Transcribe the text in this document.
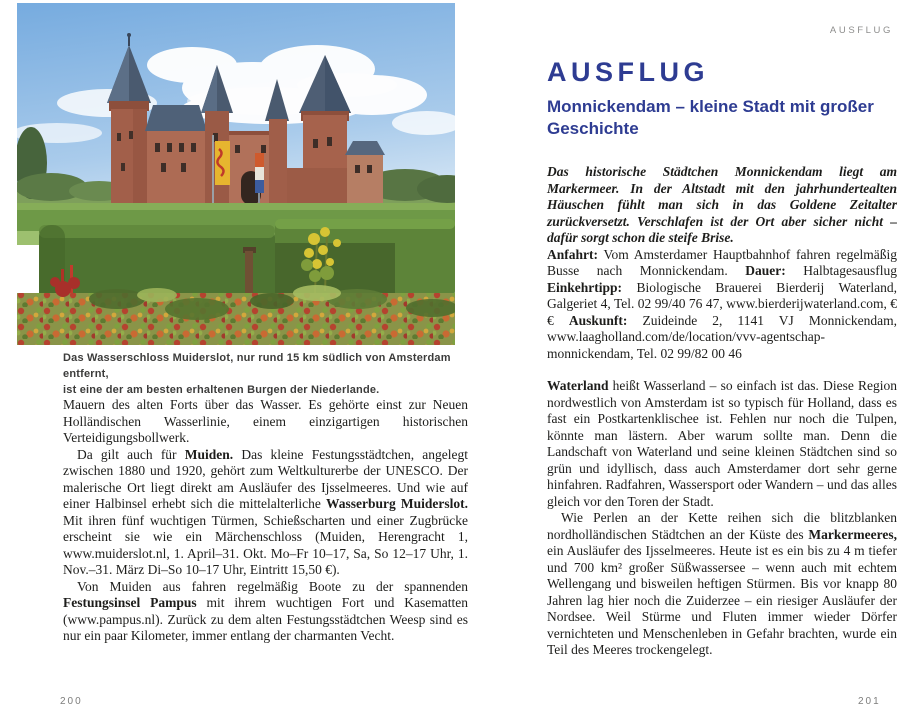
Das Wasserschloss Muiderslot, nur rund 15 km südlich von Amsterdam entfernt,
ist eine der am besten erhaltenen Burgen der Niederlande.

Mauern des alten Forts über das Wasser. Es gehörte einst zur Neuen Holländischen Wasserlinie, einem einzigartigen historischen Verteidigungsbollwerk.

Da gilt auch für Muiden. Das kleine Festungsstädtchen, angelegt zwischen 1880 und 1920, gehört zum Weltkulturerbe der UNESCO. Der malerische Ort liegt direkt am Ausläufer des Ijsselmeeres. Und wie auf einer Halbinsel erhebt sich die mittelalterliche Wasserburg Muiderslot. Mit ihren fünf wuchtigen Türmen, Schießscharten und einer Zugbrücke erscheint sie wie ein Märchenschloss (Muiden, Herengracht 1, www.muiderslot.nl, 1. April–31. Okt. Mo–Fr 10–17, Sa, So 12–17 Uhr, 1. Nov.–31. März Di–So 10–17 Uhr, Eintritt 15,50 €).

Von Muiden aus fahren regelmäßig Boote zu der spannenden Festungsinsel Pampus mit ihrem wuchtigen Fort und Kasematten (www.pampus.nl). Zurück zu dem alten Festungsstädtchen Weesp sind es nur ein paar Kilometer, immer entlang der charmanten Vecht.

200
AUSFLUG
AUSFLUG
Monnickendam – kleine Stadt mit großer
Geschichte

Das historische Städtchen Monnickendam liegt am Markermeer. In der Altstadt mit den jahrhundertealten Häuschen fühlt man sich in das Goldene Zeitalter zurückversetzt. Verschlafen ist der Ort aber sicher nicht – dafür sorgt schon die steife Brise.

Anfahrt: Vom Amsterdamer Hauptbahnhof fahren regelmäßig Busse nach Monnickendam. Dauer: Halbtagesausflug Einkehrtipp: Biologische Brauerei Bierderij Waterland, Galgeriet 4, Tel. 02 99/40 76 47, www.bierderijwaterland.com, €€ Auskunft: Zuideinde 2, 1141 VJ Monnickendam, www.laagholland.com/de/location/vvv-agentschap-monnickendam, Tel. 02 99/82 00 46

Waterland heißt Wasserland – so einfach ist das. Diese Region nordwestlich von Amsterdam ist so typisch für Holland, dass es fast ein Postkartenklischee ist. Fehlen nur noch die Tulpen, könnte man lästern. Aber warum sollte man. Denn die Landschaft von Waterland und seine kleinen Städtchen sind so grün und idyllisch, dass auch Amsterdamer dort sehr gerne hinfahren. Radfahren, Wassersport oder Wandern – und das alles gleich vor den Toren der Stadt.

Wie Perlen an der Kette reihen sich die blitzblanken nordholländischen Städtchen an der Küste des Markermeeres, ein Ausläufer des Ijsselmeeres. Heute ist es ein bis zu 4 m tiefer und 700 km² großer Süßwassersee – wenn auch mit echtem Wellengang und bisweilen heftigen Stürmen. Bis vor knapp 80 Jahren lag hier noch die Zuiderzee – ein riesiger Ausläufer der Nordsee. Weil Stürme und Fluten immer wieder Dörfer vernichteten und Menschenleben in Gefahr brachten, wurde ein Teil des Meeres trockengelegt.

201
